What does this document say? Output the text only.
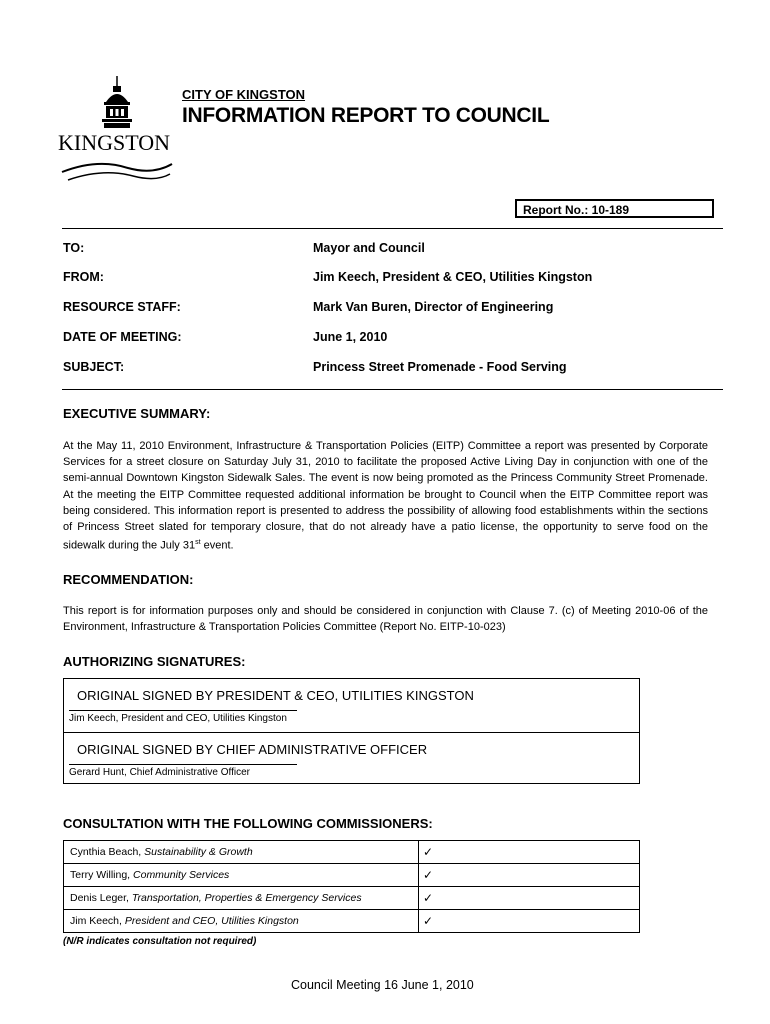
KINGSTON
CITY OF KINGSTON
INFORMATION REPORT TO COUNCIL
Report No.: 10-189
TO:	Mayor and Council
FROM:	Jim Keech, President & CEO, Utilities Kingston
RESOURCE STAFF:	Mark Van Buren, Director of Engineering
DATE OF MEETING:	June 1, 2010
SUBJECT:	Princess Street Promenade - Food Serving
EXECUTIVE SUMMARY:
At the May 11, 2010 Environment, Infrastructure & Transportation Policies (EITP) Committee a report was presented by Corporate Services for a street closure on Saturday July 31, 2010 to facilitate the proposed Active Living Day in conjunction with one of the semi-annual Downtown Kingston Sidewalk Sales. The event is now being promoted as the Princess Community Street Promenade. At the meeting the EITP Committee requested additional information be brought to Council when the EITP Committee report was being considered. This information report is presented to address the possibility of allowing food establishments within the sections of Princess Street slated for temporary closure, that do not already have a patio license, the opportunity to serve food on the sidewalk during the July 31st event.
RECOMMENDATION:
This report is for information purposes only and should be considered in conjunction with Clause 7. (c) of Meeting 2010-06 of the Environment, Infrastructure & Transportation Policies Committee (Report No. EITP-10-023)
AUTHORIZING SIGNATURES:
ORIGINAL SIGNED BY PRESIDENT & CEO, UTILITIES KINGSTON
Jim Keech, President and CEO, Utilities Kingston
ORIGINAL SIGNED BY CHIEF ADMINISTRATIVE OFFICER
Gerard Hunt, Chief Administrative Officer
CONSULTATION WITH THE FOLLOWING COMMISSIONERS:
Cynthia Beach, Sustainability & Growth	✓
Terry Willing, Community Services	✓
Denis Leger, Transportation, Properties & Emergency Services	✓
Jim Keech, President and CEO, Utilities Kingston	✓
(N/R indicates consultation not required)
Council Meeting 16 June 1, 2010
